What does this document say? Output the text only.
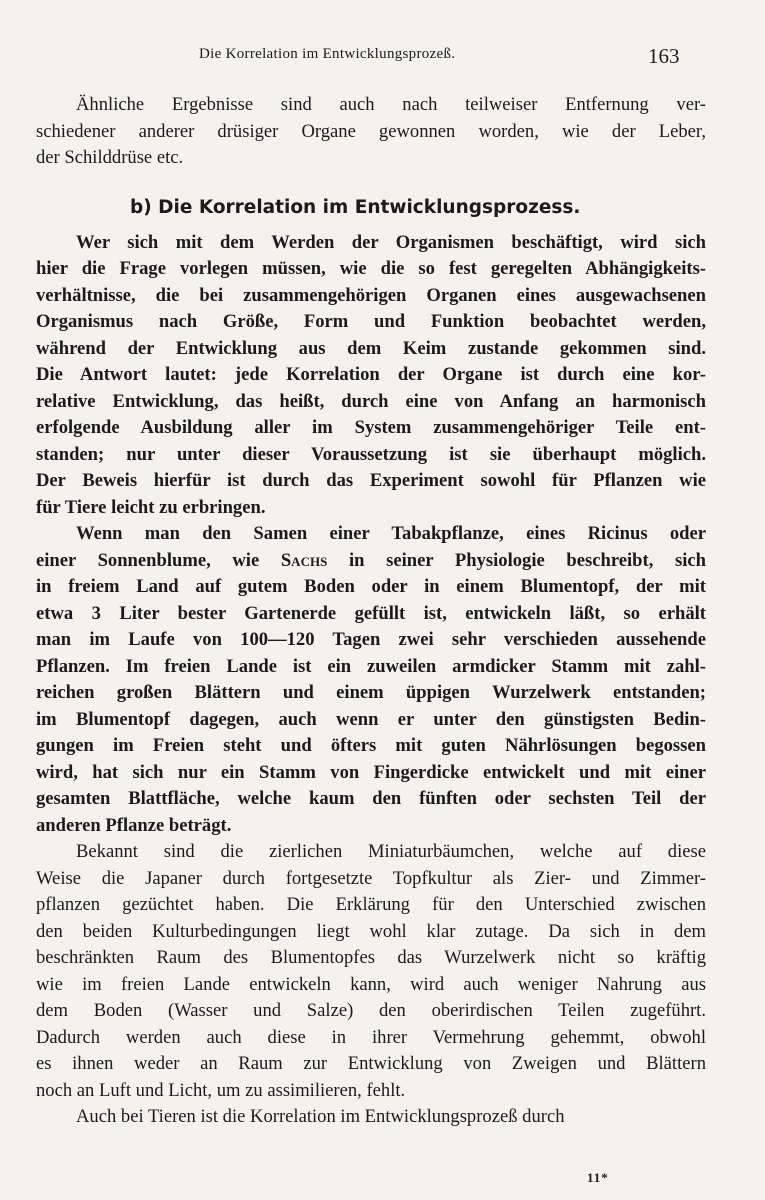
Die Korrelation im Entwicklungsprozeß.	163
Ähnliche Ergebnisse sind auch nach teilweiser Entfernung ver-
schiedener anderer drüsiger Organe gewonnen worden, wie der Leber,
der Schilddrüse etc.
b) Die Korrelation im Entwicklungsprozess.
Wer sich mit dem Werden der Organismen beschäftigt, wird sich
hier die Frage vorlegen müssen, wie die so fest geregelten Abhängigkeits-
verhältnisse, die bei zusammengehörigen Organen eines ausgewachsenen
Organismus nach Größe, Form und Funktion beobachtet werden,
während der Entwicklung aus dem Keim zustande gekommen sind.
Die Antwort lautet: jede Korrelation der Organe ist durch eine kor-
relative Entwicklung, das heißt, durch eine von Anfang an harmonisch
erfolgende Ausbildung aller im System zusammengehöriger Teile ent-
standen; nur unter dieser Voraussetzung ist sie überhaupt möglich.
Der Beweis hierfür ist durch das Experiment sowohl für Pflanzen wie
für Tiere leicht zu erbringen.
Wenn man den Samen einer Tabakpflanze, eines Ricinus oder
einer Sonnenblume, wie Sachs in seiner Physiologie beschreibt, sich
in freiem Land auf gutem Boden oder in einem Blumentopf, der mit
etwa 3 Liter bester Gartenerde gefüllt ist, entwickeln läßt, so erhält
man im Laufe von 100—120 Tagen zwei sehr verschieden aussehende
Pflanzen. Im freien Lande ist ein zuweilen armdicker Stamm mit zahl-
reichen großen Blättern und einem üppigen Wurzelwerk entstanden;
im Blumentopf dagegen, auch wenn er unter den günstigsten Bedin-
gungen im Freien steht und öfters mit guten Nährlösungen begossen
wird, hat sich nur ein Stamm von Fingerdicke entwickelt und mit einer
gesamten Blattfläche, welche kaum den fünften oder sechsten Teil der
anderen Pflanze beträgt.
Bekannt sind die zierlichen Miniaturbäumchen, welche auf diese
Weise die Japaner durch fortgesetzte Topfkultur als Zier- und Zimmer-
pflanzen gezüchtet haben. Die Erklärung für den Unterschied zwischen
den beiden Kulturbedingungen liegt wohl klar zutage. Da sich in dem
beschränkten Raum des Blumentopfes das Wurzelwerk nicht so kräftig
wie im freien Lande entwickeln kann, wird auch weniger Nahrung aus
dem Boden (Wasser und Salze) den oberirdischen Teilen zugeführt.
Dadurch werden auch diese in ihrer Vermehrung gehemmt, obwohl
es ihnen weder an Raum zur Entwicklung von Zweigen und Blättern
noch an Luft und Licht, um zu assimilieren, fehlt.
Auch bei Tieren ist die Korrelation im Entwicklungsprozeß durch
11*
